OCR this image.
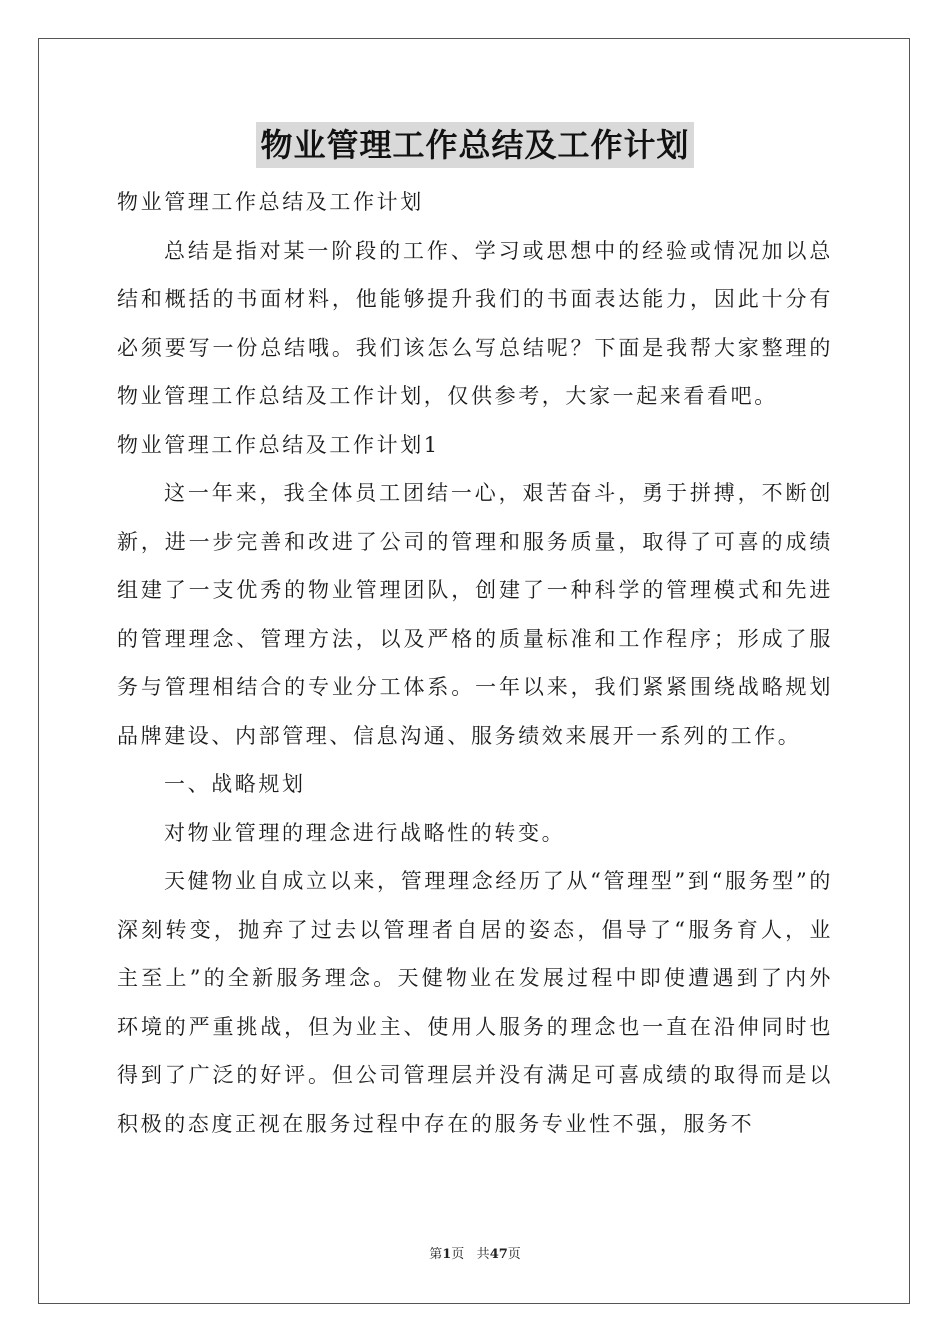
物业管理工作总结及工作计划

物业管理工作总结及工作计划

总结是指对某一阶段的工作、学习或思想中的经验或情况加以总结和概括的书面材料，他能够提升我们的书面表达能力，因此十分有必须要写一份总结哦。我们该怎么写总结呢？下面是我帮大家整理的物业管理工作总结及工作计划，仅供参考，大家一起来看看吧。

物业管理工作总结及工作计划1

这一年来，我全体员工团结一心，艰苦奋斗，勇于拼搏，不断创新，进一步完善和改进了公司的管理和服务质量，取得了可喜的成绩组建了一支优秀的物业管理团队，创建了一种科学的管理模式和先进的管理理念、管理方法，以及严格的质量标准和工作程序；形成了服务与管理相结合的专业分工体系。一年以来，我们紧紧围绕战略规划品牌建设、内部管理、信息沟通、服务绩效来展开一系列的工作。

一、战略规划

对物业管理的理念进行战略性的转变。

天健物业自成立以来，管理理念经历了从“管理型”到“服务型”的深刻转变，抛弃了过去以管理者自居的姿态，倡导了“服务育人，业主至上”的全新服务理念。天健物业在发展过程中即使遭遇到了内外环境的严重挑战，但为业主、使用人服务的理念也一直在沿伸同时也得到了广泛的好评。但公司管理层并没有满足可喜成绩的取得而是以积极的态度正视在服务过程中存在的服务专业性不强，服务不

第1页 共47页
